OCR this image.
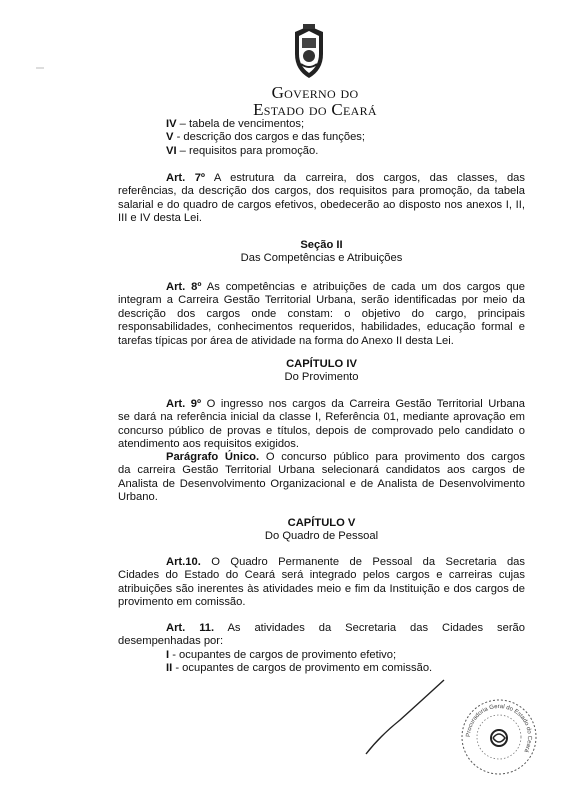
Governo do
Estado do Ceará
IV – tabela de vencimentos;
V - descrição dos cargos e das funções;
VI – requisitos para promoção.
Art. 7º A estrutura da carreira, dos cargos, das classes, das
referências, da descrição dos cargos, dos requisitos para promoção, da tabela
salarial e do quadro de cargos efetivos, obedecerão ao disposto nos anexos I, II,
III e IV desta Lei.
Seção II
Das Competências e Atribuições
Art. 8º As competências e atribuições de cada um dos cargos que
integram a Carreira Gestão Territorial Urbana, serão identificadas por meio da
descrição dos cargos onde constam: o objetivo do cargo, principais
responsabilidades, conhecimentos requeridos, habilidades, educação formal e
tarefas típicas por área de atividade na forma do Anexo II desta Lei.
CAPÍTULO IV
Do Provimento
Art. 9º O ingresso nos cargos da Carreira Gestão Territorial Urbana
se dará na referência inicial da classe I, Referência 01, mediante aprovação em
concurso público de provas e títulos, depois de comprovado pelo candidato o
atendimento aos requisitos exigidos.
Parágrafo Único. O concurso público para provimento dos cargos
da carreira Gestão Territorial Urbana selecionará candidatos aos cargos de
Analista de Desenvolvimento Organizacional e de Analista de Desenvolvimento
Urbano.
CAPÍTULO V
Do Quadro de Pessoal
Art.10. O Quadro Permanente de Pessoal da Secretaria das
Cidades do Estado do Ceará será integrado pelos cargos e carreiras cujas
atribuições são inerentes às atividades meio e fim da Instituição e dos cargos de
provimento em comissão.
Art. 11. As atividades da Secretaria das Cidades serão
desempenhadas por:
I - ocupantes de cargos de provimento efetivo;
II - ocupantes de cargos de provimento em comissão.
Procuradoria Geral do Estado do Ceará
